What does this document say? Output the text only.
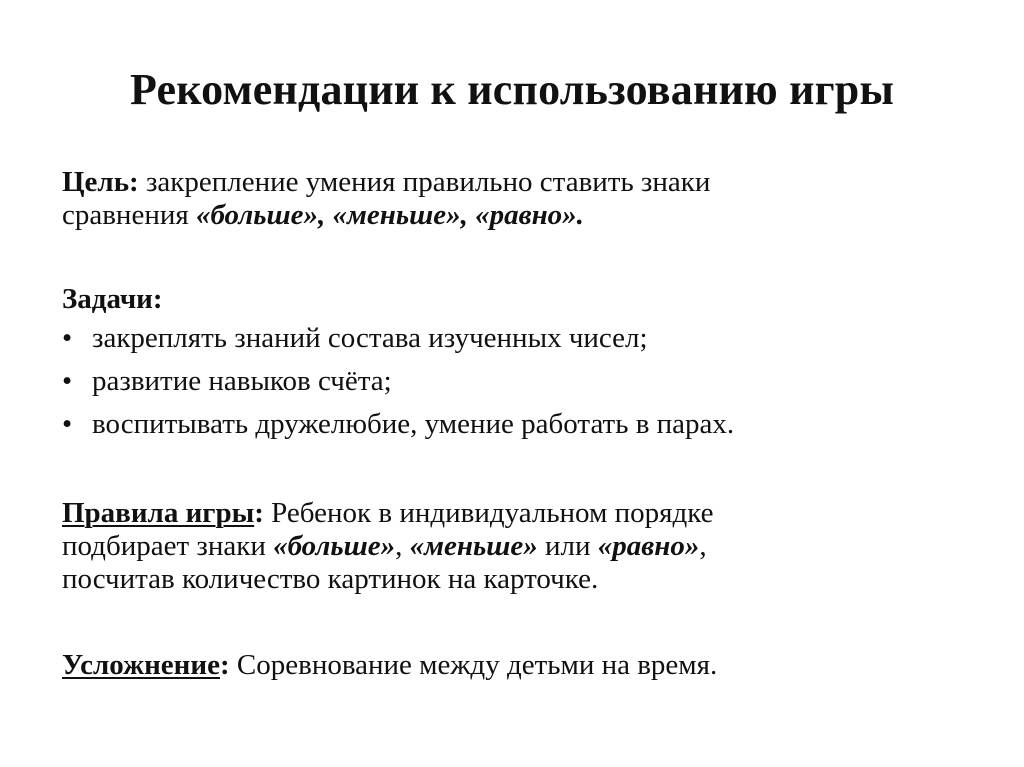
Рекомендации к использованию игры
Цель: закрепление умения правильно ставить знаки
сравнения «больше», «меньше», «равно».
Задачи:
• закреплять знаний состава изученных чисел;
• развитие навыков счёта;
• воспитывать дружелюбие, умение работать в парах.
Правила игры: Ребенок в индивидуальном порядке
подбирает знаки «больше», «меньше» или «равно»,
посчитав количество картинок на карточке.
Усложнение: Соревнование между детьми на время.
